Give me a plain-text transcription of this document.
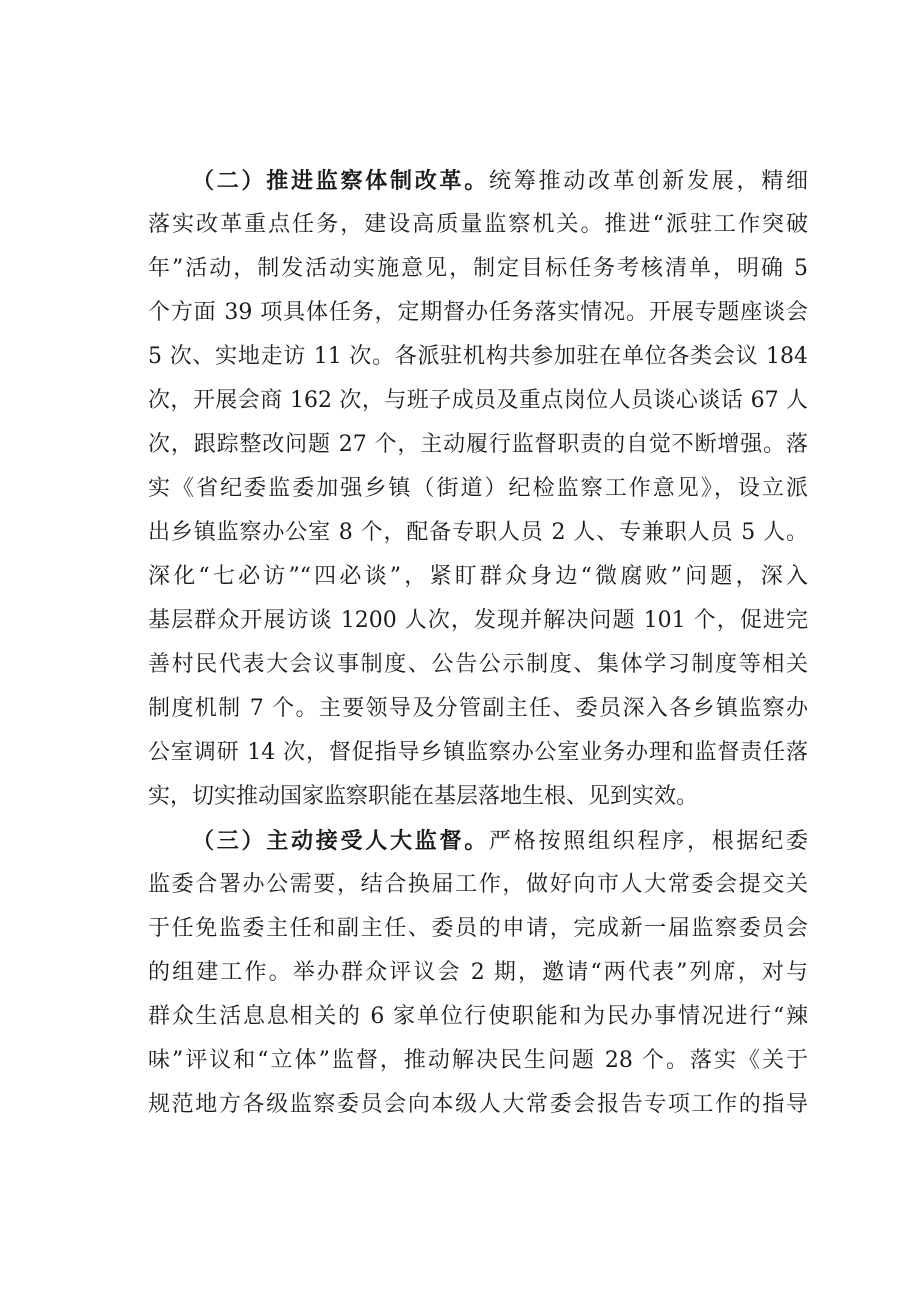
（二）推进监察体制改革。统筹推动改革创新发展，精细
落实改革重点任务，建设高质量监察机关。推进“派驻工作突破
年”活动，制发活动实施意见，制定目标任务考核清单，明确 5
个方面 39 项具体任务，定期督办任务落实情况。开展专题座谈会
5 次、实地走访 11 次。各派驻机构共参加驻在单位各类会议 184
次，开展会商 162 次，与班子成员及重点岗位人员谈心谈话 67 人
次，跟踪整改问题 27 个，主动履行监督职责的自觉不断增强。落
实《省纪委监委加强乡镇（街道）纪检监察工作意见》，设立派
出乡镇监察办公室 8 个，配备专职人员 2 人、专兼职人员 5 人。
深化“七必访”“四必谈”，紧盯群众身边“微腐败”问题，深入
基层群众开展访谈 1200 人次，发现并解决问题 101 个，促进完
善村民代表大会议事制度、公告公示制度、集体学习制度等相关
制度机制 7 个。主要领导及分管副主任、委员深入各乡镇监察办
公室调研 14 次，督促指导乡镇监察办公室业务办理和监督责任落
实，切实推动国家监察职能在基层落地生根、见到实效。
（三）主动接受人大监督。严格按照组织程序，根据纪委
监委合署办公需要，结合换届工作，做好向市人大常委会提交关
于任免监委主任和副主任、委员的申请，完成新一届监察委员会
的组建工作。举办群众评议会 2 期，邀请“两代表”列席，对与
群众生活息息相关的 6 家单位行使职能和为民办事情况进行“辣
味”评议和“立体”监督，推动解决民生问题 28 个。落实《关于
规范地方各级监察委员会向本级人大常委会报告专项工作的指导
